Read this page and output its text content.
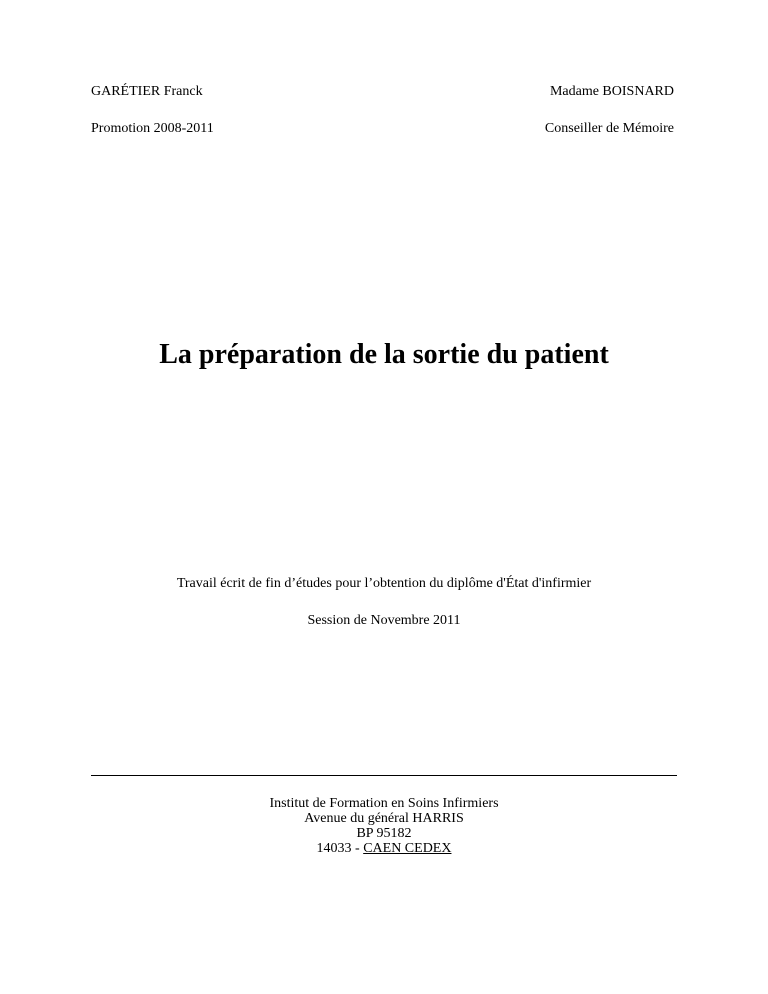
GARÉTIER Franck
Promotion 2008-2011
Madame BOISNARD
Conseiller de Mémoire
La préparation de la sortie du patient
Travail écrit de fin d’études pour l’obtention du diplôme d'État d'infirmier
Session de Novembre 2011
Institut de Formation en Soins Infirmiers
Avenue du général HARRIS
BP 95182
14033 - CAEN CEDEX
